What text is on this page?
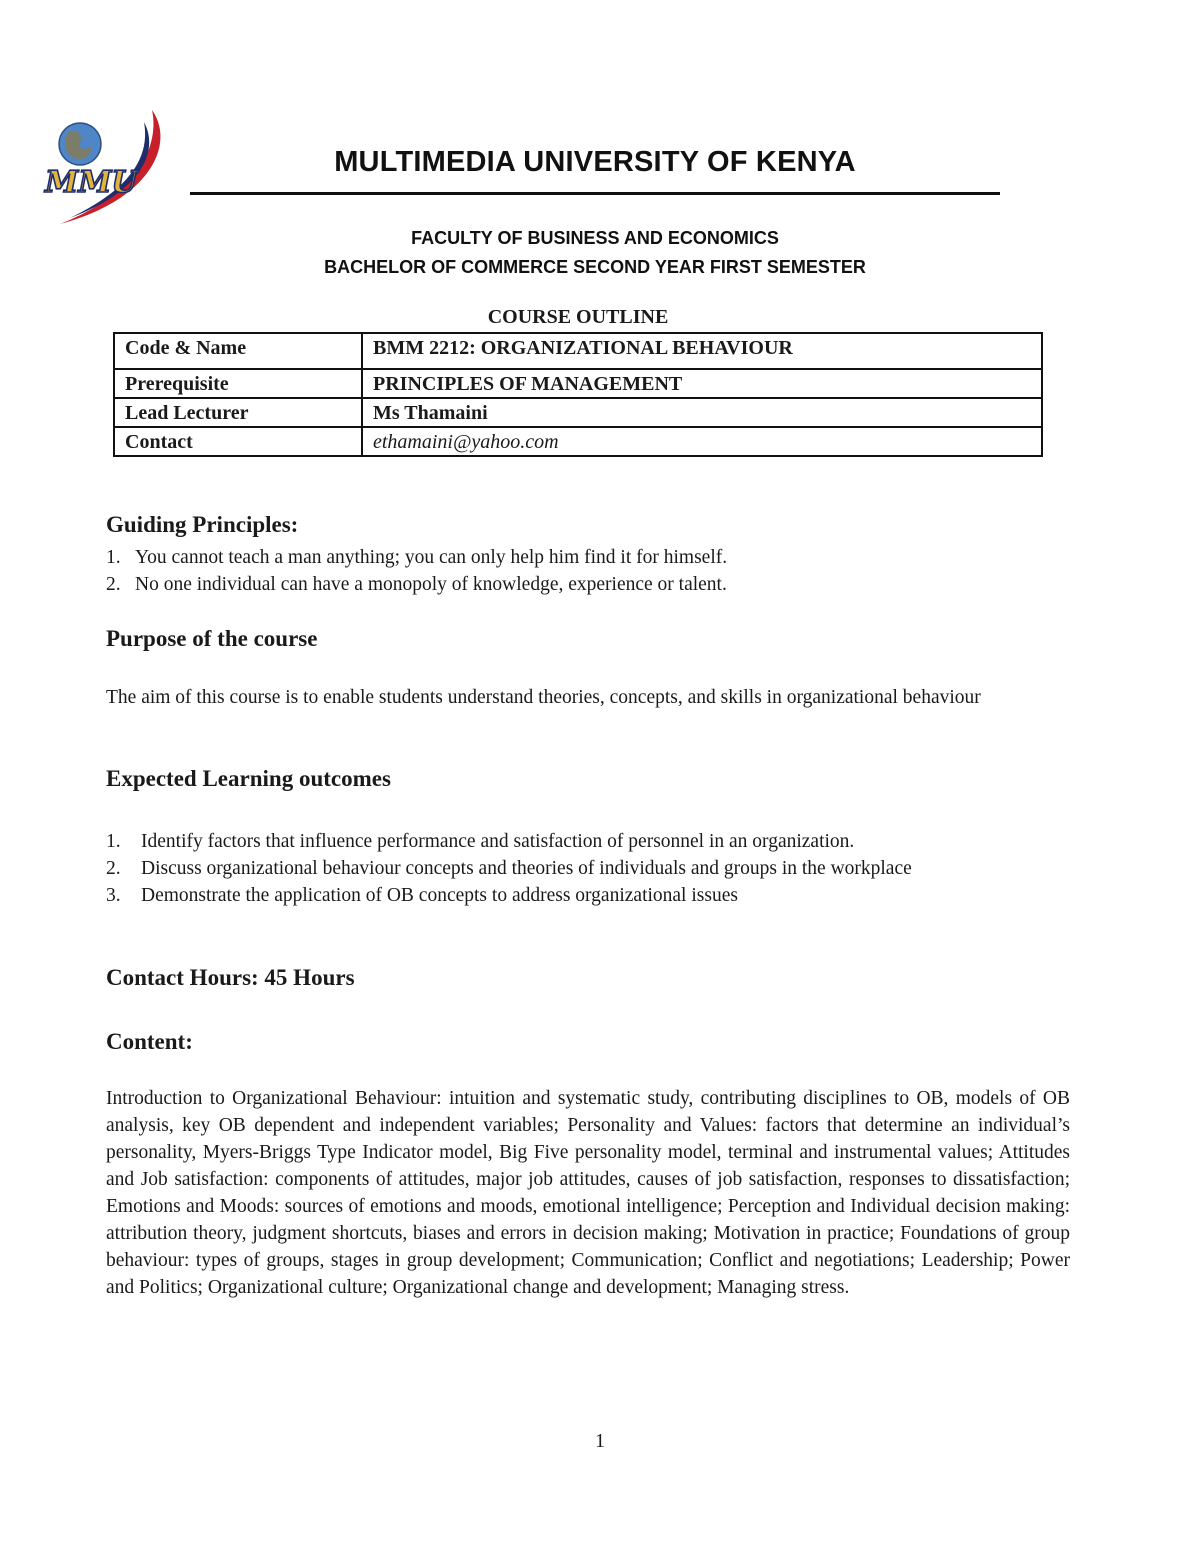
MMU
MULTIMEDIA UNIVERSITY OF KENYA
FACULTY OF BUSINESS AND ECONOMICS
BACHELOR OF COMMERCE SECOND YEAR FIRST SEMESTER
COURSE OUTLINE
Code & Name	BMM 2212: ORGANIZATIONAL BEHAVIOUR
Prerequisite	PRINCIPLES OF MANAGEMENT
Lead Lecturer	Ms Thamaini
Contact	ethamaini@yahoo.com
Guiding Principles:
1. You cannot teach a man anything; you can only help him find it for himself.
2. No one individual can have a monopoly of knowledge, experience or talent.
Purpose of the course
The aim of this course is to enable students understand theories, concepts, and skills in organizational behaviour
Expected Learning outcomes
1. Identify factors that influence performance and satisfaction of personnel in an organization.
2. Discuss organizational behaviour concepts and theories of individuals and groups in the workplace
3. Demonstrate the application of OB concepts to address organizational issues
Contact Hours: 45 Hours
Content:
Introduction to Organizational Behaviour: intuition and systematic study, contributing disciplines to OB, models of OB analysis, key OB dependent and independent variables; Personality and Values: factors that determine an individual’s personality, Myers-Briggs Type Indicator model, Big Five personality model, terminal and instrumental values; Attitudes and Job satisfaction: components of attitudes, major job attitudes, causes of job satisfaction, responses to dissatisfaction; Emotions and Moods: sources of emotions and moods, emotional intelligence; Perception and Individual decision making: attribution theory, judgment shortcuts, biases and errors in decision making; Motivation in practice; Foundations of group behaviour: types of groups, stages in group development; Communication; Conflict and negotiations; Leadership; Power and Politics; Organizational culture; Organizational change and development; Managing stress.
1
